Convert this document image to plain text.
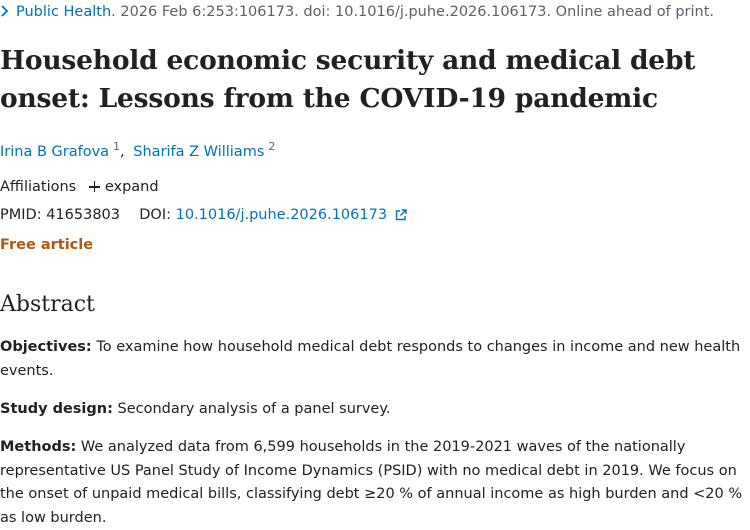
Public Health. 2026 Feb 6:253:106173. doi: 10.1016/j.puhe.2026.106173. Online ahead of print.
Household economic security and medical debt onset: Lessons from the COVID-19 pandemic
Irina B Grafova $^1$, Sharifa Z Williams $^2$
Affiliations expand
PMID: 41653803 DOI: 10.1016/j.puhe.2026.106173
Free article
Abstract

Objectives: To examine how household medical debt responds to changes in income and new health events.

Study design: Secondary analysis of a panel survey.

Methods: We analyzed data from 6,599 households in the 2019-2021 waves of the nationally representative US Panel Study of Income Dynamics (PSID) with no medical debt in 2019. We focus on the onset of unpaid medical bills, classifying debt ≥20 % of annual income as high burden and <20 % as low burden.
